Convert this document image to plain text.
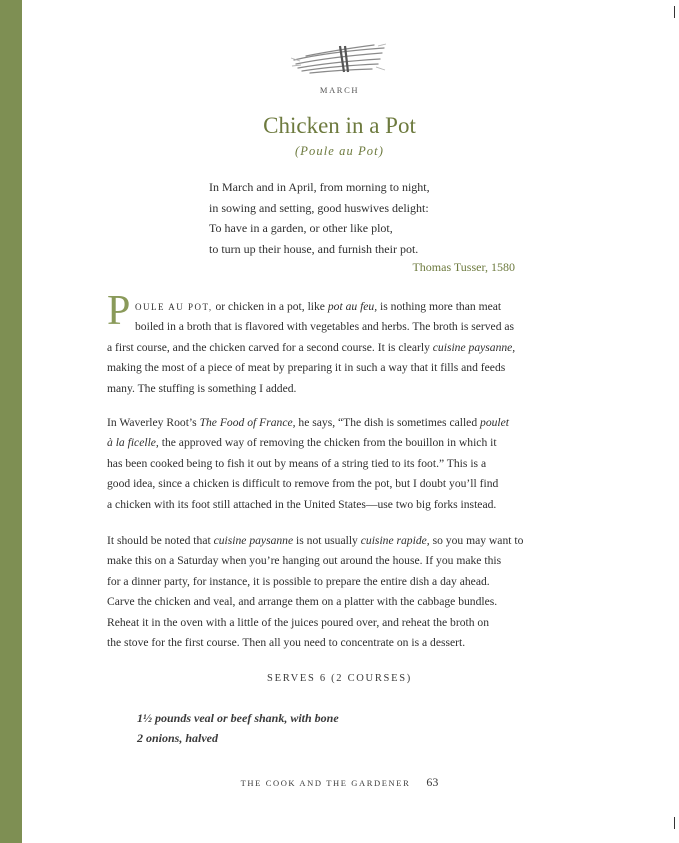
MARCH
Chicken in a Pot
(Poule au Pot)
In March and in April, from morning to night,
in sowing and setting, good huswives delight:
To have in a garden, or other like plot,
to turn up their house, and furnish their pot.
Thomas Tusser, 1580
P OULE AU POT, or chicken in a pot, like pot au feu, is nothing more than meat
boiled in a broth that is flavored with vegetables and herbs. The broth is served as
a first course, and the chicken carved for a second course. It is clearly cuisine paysanne,
making the most of a piece of meat by preparing it in such a way that it fills and feeds
many. The stuffing is something I added.
In Waverley Root’s The Food of France, he says, “The dish is sometimes called poulet
à la ficelle, the approved way of removing the chicken from the bouillon in which it
has been cooked being to fish it out by means of a string tied to its foot.” This is a
good idea, since a chicken is difficult to remove from the pot, but I doubt you’ll find
a chicken with its foot still attached in the United States—use two big forks instead.
It should be noted that cuisine paysanne is not usually cuisine rapide, so you may want to
make this on a Saturday when you’re hanging out around the house. If you make this
for a dinner party, for instance, it is possible to prepare the entire dish a day ahead.
Carve the chicken and veal, and arrange them on a platter with the cabbage bundles.
Reheat it in the oven with a little of the juices poured over, and reheat the broth on
the stove for the first course. Then all you need to concentrate on is a dessert.
SERVES 6 (2 COURSES)
1½ pounds veal or beef shank, with bone
2 onions, halved
THE COOK AND THE GARDENER 63
